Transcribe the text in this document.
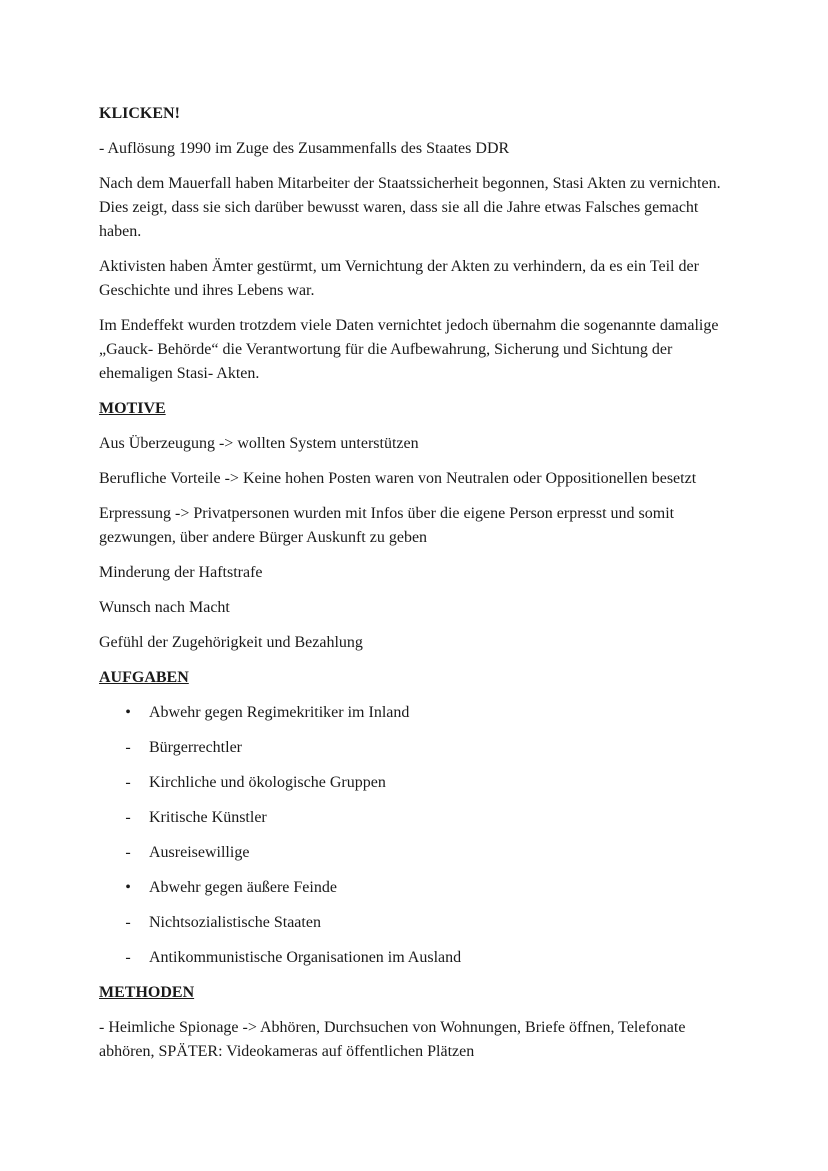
KLICKEN!

- Auflösung 1990 im Zuge des Zusammenfalls des Staates DDR

Nach dem Mauerfall haben Mitarbeiter der Staatssicherheit begonnen, Stasi Akten zu vernichten. Dies zeigt, dass sie sich darüber bewusst waren, dass sie all die Jahre etwas Falsches gemacht haben.

Aktivisten haben Ämter gestürmt, um Vernichtung der Akten zu verhindern, da es ein Teil der Geschichte und ihres Lebens war.

Im Endeffekt wurden trotzdem viele Daten vernichtet jedoch übernahm die sogenannte damalige „Gauck- Behörde“ die Verantwortung für die Aufbewahrung, Sicherung und Sichtung der ehemaligen Stasi- Akten.

MOTIVE

Aus Überzeugung -> wollten System unterstützen

Berufliche Vorteile -> Keine hohen Posten waren von Neutralen oder Oppositionellen besetzt

Erpressung -> Privatpersonen wurden mit Infos über die eigene Person erpresst und somit gezwungen, über andere Bürger Auskunft zu geben

Minderung der Haftstrafe

Wunsch nach Macht

Gefühl der Zugehörigkeit und Bezahlung

AUFGABEN

• Abwehr gegen Regimekritiker im Inland
- Bürgerrechtler
- Kirchliche und ökologische Gruppen
- Kritische Künstler
- Ausreisewillige
• Abwehr gegen äußere Feinde
- Nichtsozialistische Staaten
- Antikommunistische Organisationen im Ausland

METHODEN

- Heimliche Spionage -> Abhören, Durchsuchen von Wohnungen, Briefe öffnen, Telefonate abhören, SPÄTER: Videokameras auf öffentlichen Plätzen
